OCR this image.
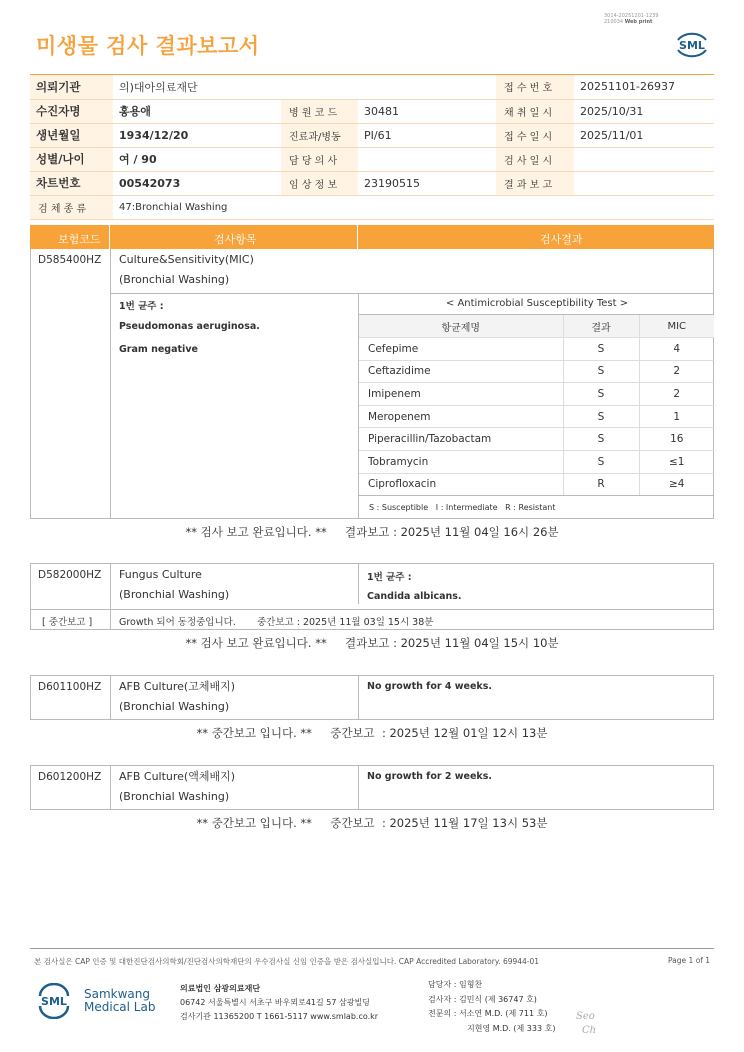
미생물 검사 결과보고서
3014-20251201-1239
210034 Web print
SML
의뢰기관	의)대아의료재단			접 수 번 호	20251101-26937
수진자명	홍용애	병 원 코 드	30481	채 취 일 시	2025/10/31
생년월일	1934/12/20	진료과/병동	PI/61	접 수 일 시	2025/11/01
성별/나이	여 / 90	담 당 의 사		검 사 일 시	
차트번호	00542073	임 상 정 보	23190515	결 과 보 고	
검 체 종 류	47:Bronchial Washing				
보험코드	검사항목	검사결과
D585400HZ Culture&Sensitivity(MIC)
(Bronchial Washing)
1번 균주 :
Pseudomonas aeruginosa.
Gram negative
< Antimicrobial Susceptibility Test >
항균제명	결과	MIC
Cefepime	S	4
Ceftazidime	S	2
Imipenem	S	2
Meropenem	S	1
Piperacillin/Tazobactam	S	16
Tobramycin	S	≤1
Ciprofloxacin	R	≥4
S : Susceptible   I : Intermediate   R : Resistant
** 검사 보고 완료입니다. **     결과보고 : 2025년 11월 04일 16시 26분
D582000HZ Fungus Culture
(Bronchial Washing)
1번 균주 :
Candida albicans.
[ 중간보고 ]	Growth 되어 동정중입니다.       중간보고 : 2025년 11월 03일 15시 38분
** 검사 보고 완료입니다. **     결과보고 : 2025년 11월 04일 15시 10분
D601100HZ AFB Culture(고체배지)
(Bronchial Washing)
No growth for 4 weeks.
** 중간보고 입니다. **     중간보고  : 2025년 12월 01일 12시 13분
D601200HZ AFB Culture(액체배지)
(Bronchial Washing)
No growth for 2 weeks.
** 중간보고 입니다. **     중간보고  : 2025년 11월 17일 13시 53분
본 검사실은 CAP 인증 및 대한진단검사의학회/진단검사의학재단의 우수검사실 신임 인증을 받은 검사실입니다. CAP Accredited Laboratory. 69944-01	Page 1 of 1
SML
Samkwang
Medical Lab
의료법인 삼광의료재단
06742 서울특별시 서초구 바우뫼로41길 57 삼광빌딩
검사기관 11365200 T 1661-5117 www.smlab.co.kr
담당자 : 임형찬
검사자 : 김민식 (제 36747 호)
전문의 : 서소연 M.D. (제 711 호)
지현영 M.D. (제 333 호)
Seo
Ch
